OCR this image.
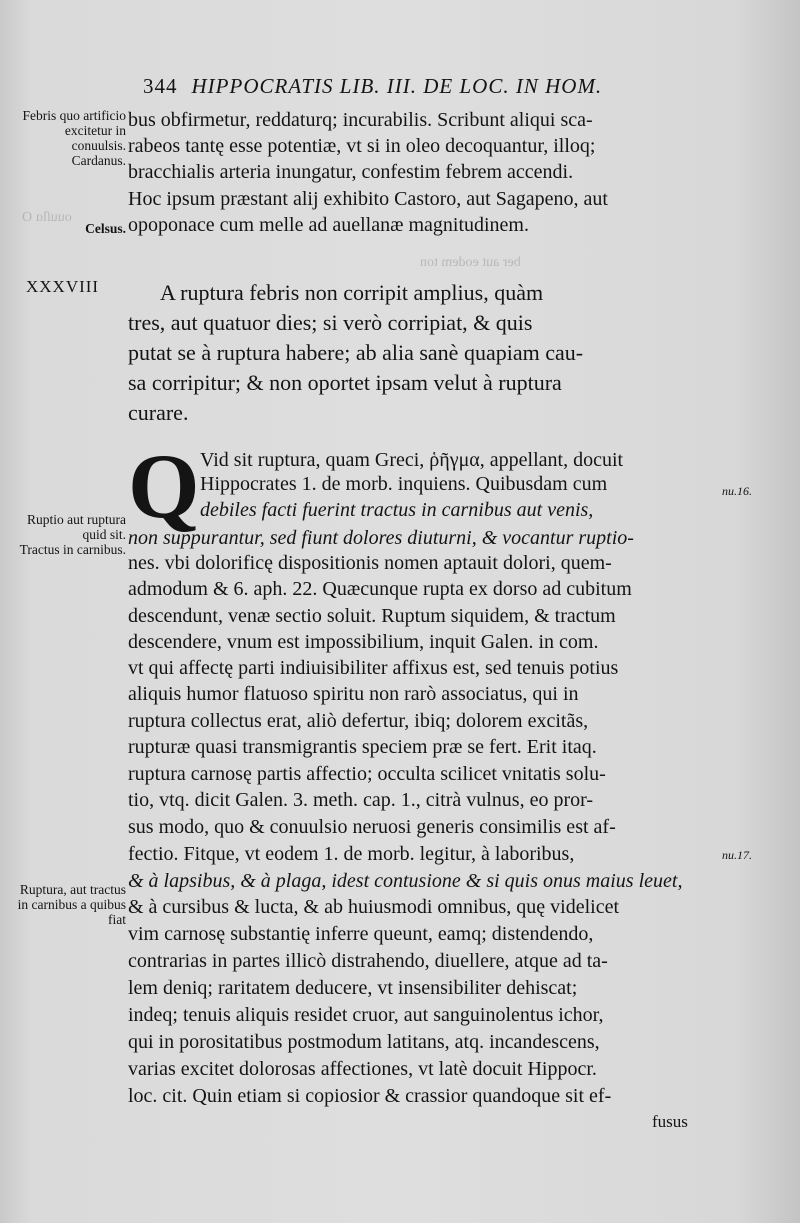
ouuſlɑ O
ber aut eodem ton
344 HIPPOCRATIS LIB. III. DE LOC. IN HOM.
Febris quo artificio excitetur in conuulsis.
Cardanus.
Celsus.
XXXVIII
Ruptio aut ruptura quid sit.
Tractus in carnibus.
Ruptura, aut tractus in carnibus a quibus fiat
nu.16.
nu.17.
bus obfirmetur, reddaturq; incurabilis. Scribunt aliqui sca-
rabeos tantę esse potentiæ, vt si in oleo decoquantur, illoq;
bracchialis arteria inungatur, confestim febrem accendi.
Hoc ipsum præstant alij exhibito Castoro, aut Sagapeno, aut
opoponace cum melle ad auellanæ magnitudinem.
A ruptura febris non corripit amplius, quàm
tres, aut quatuor dies; si verò corripiat, & quis
putat se à ruptura habere; ab alia sanè quapiam cau-
sa corripitur; & non oportet ipsam velut à ruptura
curare.
Q Vid sit ruptura, quam Greci, ῥῆγμα, appellant, docuit
Hippocrates 1. de morb. inquiens. Quibusdam cum
debiles facti fuerint tractus in carnibus aut venis,
non suppurantur, sed fiunt dolores diuturni, & vocantur ruptio-
nes. vbi dolorificę dispositionis nomen aptauit dolori, quem-
admodum & 6. aph. 22. Quæcunque rupta ex dorso ad cubitum
descendunt, venæ sectio soluit. Ruptum siquidem, & tractum
descendere, vnum est impossibilium, inquit Galen. in com.
vt qui affectę parti indiuisibiliter affixus est, sed tenuis potius
aliquis humor flatuoso spiritu non rarò associatus, qui in
ruptura collectus erat, aliò defertur, ibiq; dolorem excitãs,
rupturæ quasi transmigrantis speciem præ se fert. Erit itaq.
ruptura carnosę partis affectio; occulta scilicet vnitatis solu-
tio, vtq. dicit Galen. 3. meth. cap. 1., citrà vulnus, eo pror-
sus modo, quo & conuulsio neruosi generis consimilis est af-
fectio. Fitque, vt eodem 1. de morb. legitur, à laboribus,
& à lapsibus, & à plaga, idest contusione & si quis onus maius leuet,
& à cursibus & lucta, & ab huiusmodi omnibus, quę videlicet
vim carnosę substantię inferre queunt, eamq; distendendo,
contrarias in partes illicò distrahendo, diuellere, atque ad ta-
lem deniq; raritatem deducere, vt insensibiliter dehiscat;
indeq; tenuis aliquis residet cruor, aut sanguinolentus ichor,
qui in porositatibus postmodum latitans, atq. incandescens,
varias excitet dolorosas affectiones, vt latè docuit Hippocr.
loc. cit. Quin etiam si copiosior & crassior quandoque sit ef-
fusus
